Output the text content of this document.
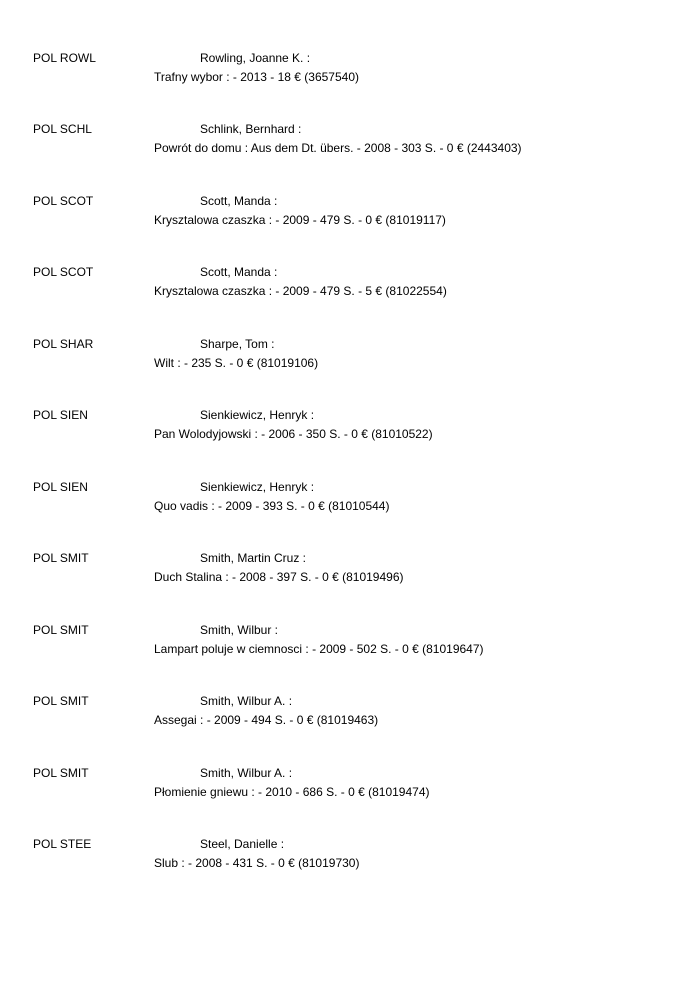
POL ROWL	Rowling, Joanne K. :
Trafny wybor : - 2013 - 18 € (3657540)
POL SCHL	Schlink, Bernhard :
Powrót do domu : Aus dem Dt. übers. - 2008 - 303 S. - 0 € (2443403)
POL SCOT	Scott, Manda :
Krysztalowa czaszka : - 2009 - 479 S. - 0 € (81019117)
POL SCOT	Scott, Manda :
Krysztalowa czaszka : - 2009 - 479 S. - 5 € (81022554)
POL SHAR	Sharpe, Tom :
Wilt : - 235 S. - 0 € (81019106)
POL SIEN	Sienkiewicz, Henryk :
Pan Wolodyjowski : - 2006 - 350 S. - 0 € (81010522)
POL SIEN	Sienkiewicz, Henryk :
Quo vadis : - 2009 - 393 S. - 0 € (81010544)
POL SMIT	Smith, Martin Cruz :
Duch Stalina : - 2008 - 397 S. - 0 € (81019496)
POL SMIT	Smith, Wilbur :
Lampart poluje w ciemnosci : - 2009 - 502 S. - 0 € (81019647)
POL SMIT	Smith, Wilbur A. :
Assegai : - 2009 - 494 S. - 0 € (81019463)
POL SMIT	Smith, Wilbur A. :
Płomienie gniewu : - 2010 - 686 S. - 0 € (81019474)
POL STEE	Steel, Danielle :
Slub : - 2008 - 431 S. - 0 € (81019730)
